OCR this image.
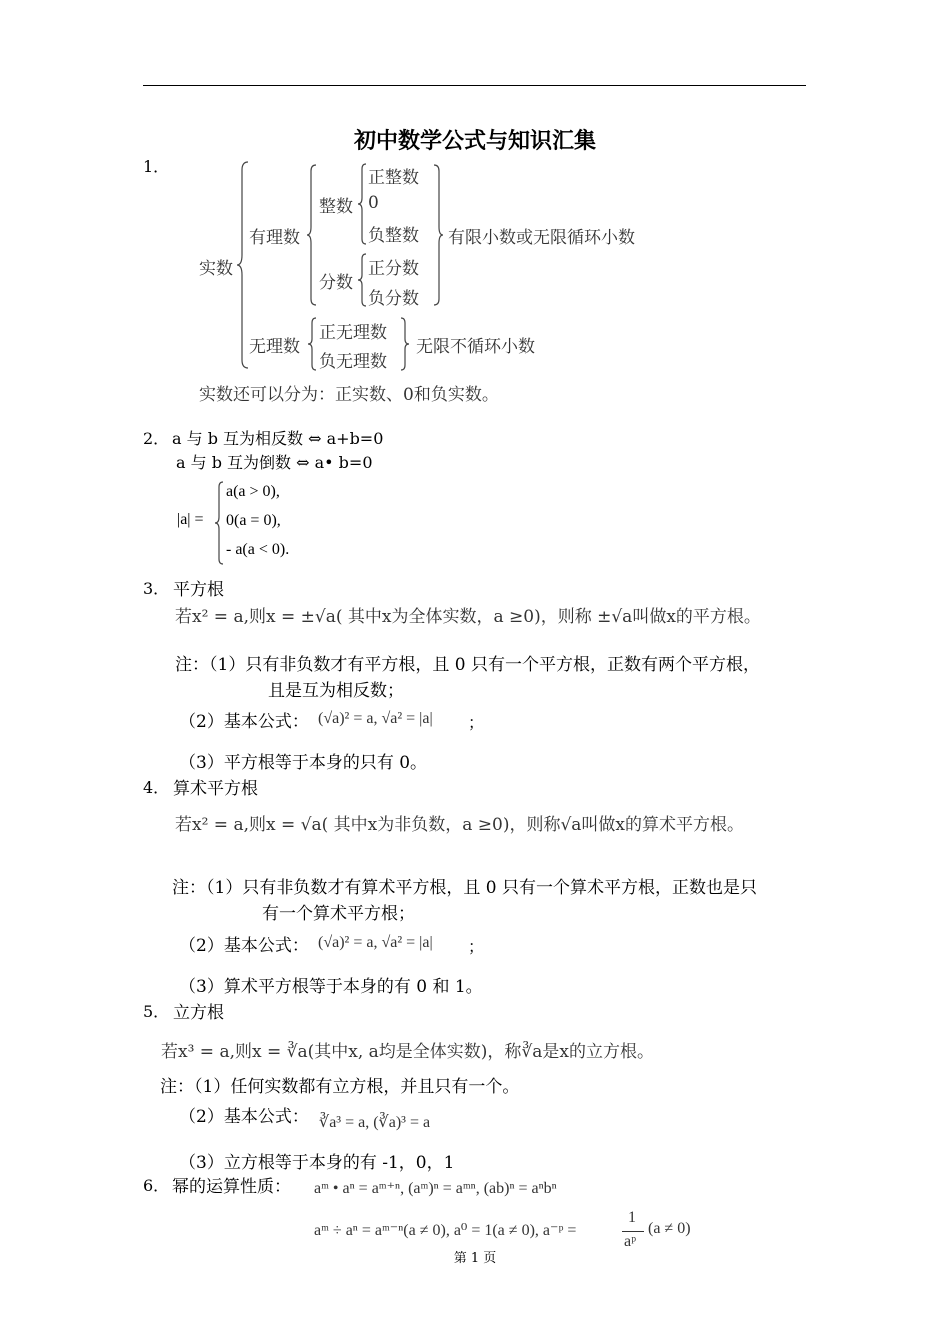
初中数学公式与知识汇集
1．
实数
有理数
整数
正整数
0
负整数
分数
正分数
负分数
有限小数或无限循环小数
无理数
正无理数
负无理数
无限不循环小数
实数还可以分为：正实数、0和负实数。
2． a 与 b 互为相反数 ⇔ a+b=0
a 与 b 互为倒数 ⇔ a• b=0
|a| =
a(a > 0),
0(a = 0),
- a(a < 0).
3． 平方根
若x² = a,则x = ±√a( 其中x为全体实数，a ≥0)，则称 ±√a叫做x的平方根。
注：（1）只有非负数才有平方根，且 0 只有一个平方根，正数有两个平方根，
且是互为相反数；
（2）基本公式： (√a)² = a, √a² = |a| ；
（3）平方根等于本身的只有 0。
4． 算术平方根
若x² = a,则x = √a( 其中x为非负数，a ≥0)，则称√a叫做x的算术平方根。
注：（1）只有非负数才有算术平方根，且 0 只有一个算术平方根，正数也是只
有一个算术平方根；
（2）基本公式： (√a)² = a, √a² = |a| ；
（3）算术平方根等于本身的有 0 和 1。
5． 立方根
若x³ = a,则x = ∛a(其中x, a均是全体实数)，称∛a是x的立方根。
注：（1）任何实数都有立方根，并且只有一个。
（2）基本公式： ∛a³ = a, (∛a)³ = a
（3）立方根等于本身的有 -1，0，1
6． 幂的运算性质： aᵐ • aⁿ = aᵐ⁺ⁿ, (aᵐ)ⁿ = aᵐⁿ, (ab)ⁿ = aⁿbⁿ
aᵐ ÷ aⁿ = aᵐ⁻ⁿ(a ≠ 0), a⁰ = 1(a ≠ 0), a⁻ᵖ =
1
aᵖ
(a ≠ 0)
第 1 页
